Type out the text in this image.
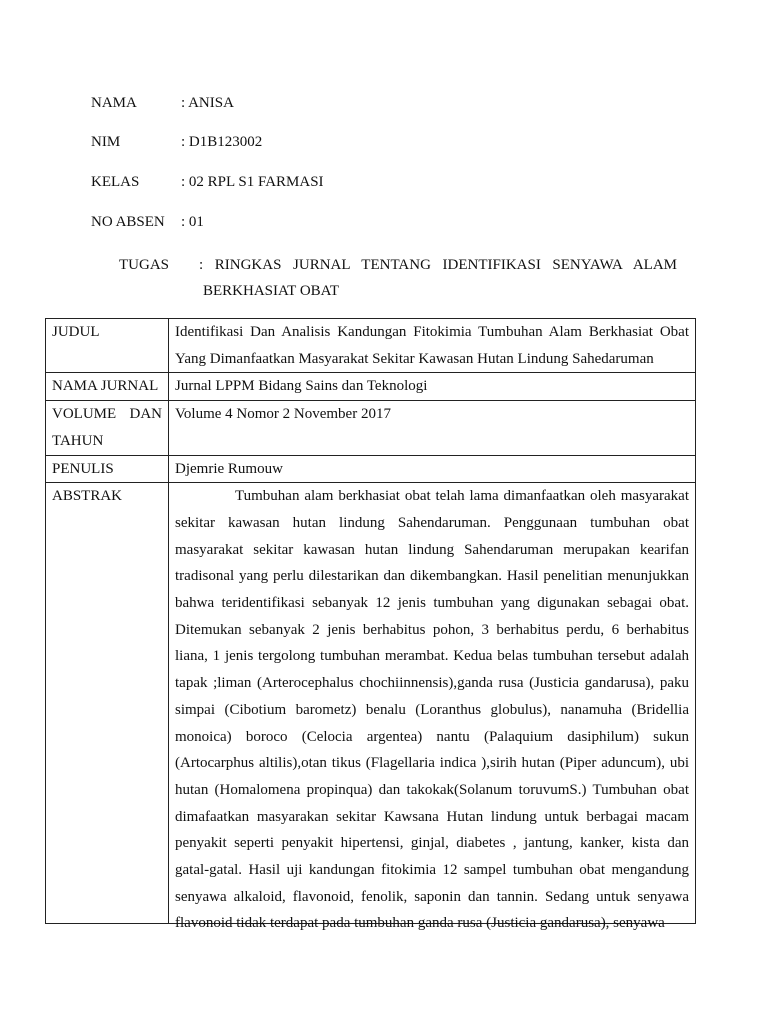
NAMA	: ANISA
NIM	: D1B123002
KELAS	: 02 RPL S1 FARMASI
NO ABSEN : 01
TUGAS : RINGKAS JURNAL TENTANG IDENTIFIKASI SENYAWA ALAM
BERKHASIAT OBAT
JUDUL	Identifikasi Dan Analisis Kandungan Fitokimia Tumbuhan Alam Berkhasiat Obat
Yang Dimanfaatkan Masyarakat Sekitar Kawasan Hutan Lindung Sahedaruman

NAMA JURNAL	Jurnal LPPM Bidang Sains dan Teknologi

VOLUME DAN
TAHUN	Volume 4 Nomor 2 November 2017
PENULIS	Djemrie Rumouw
ABSTRAK	Tumbuhan alam berkhasiat obat telah lama dimanfaatkan oleh masyarakat sekitar kawasan hutan lindung Sahendaruman. Penggunaan tumbuhan obat masyarakat sekitar kawasan hutan lindung Sahendaruman merupakan kearifan tradisonal yang perlu dilestarikan dan dikembangkan. Hasil penelitian menunjukkan bahwa teridentifikasi sebanyak 12 jenis tumbuhan yang digunakan sebagai obat. Ditemukan sebanyak 2 jenis berhabitus pohon, 3 berhabitus perdu, 6 berhabitus liana, 1 jenis tergolong tumbuhan merambat. Kedua belas tumbuhan tersebut adalah tapak ;liman (Arterocephalus chochiinnensis),ganda rusa (Justicia gandarusa), paku simpai (Cibotium barometz) benalu (Loranthus globulus), nanamuha (Bridellia monoica) boroco (Celocia argentea) nantu (Palaquium dasiphilum) sukun (Artocarphus altilis),otan tikus (Flagellaria indica ),sirih hutan (Piper aduncum), ubi hutan (Homalomena propinqua) dan takokak(Solanum toruvumS.) Tumbuhan obat dimafaatkan masyarakan sekitar Kawsana Hutan lindung untuk berbagai macam penyakit seperti penyakit hipertensi, ginjal, diabetes , jantung, kanker, kista dan gatal-gatal. Hasil uji kandungan fitokimia 12 sampel tumbuhan obat mengandung senyawa alkaloid, flavonoid, fenolik, saponin dan tannin. Sedang untuk senyawa flavonoid tidak terdapat pada tumbuhan ganda rusa (Justicia gandarusa), senyawa
